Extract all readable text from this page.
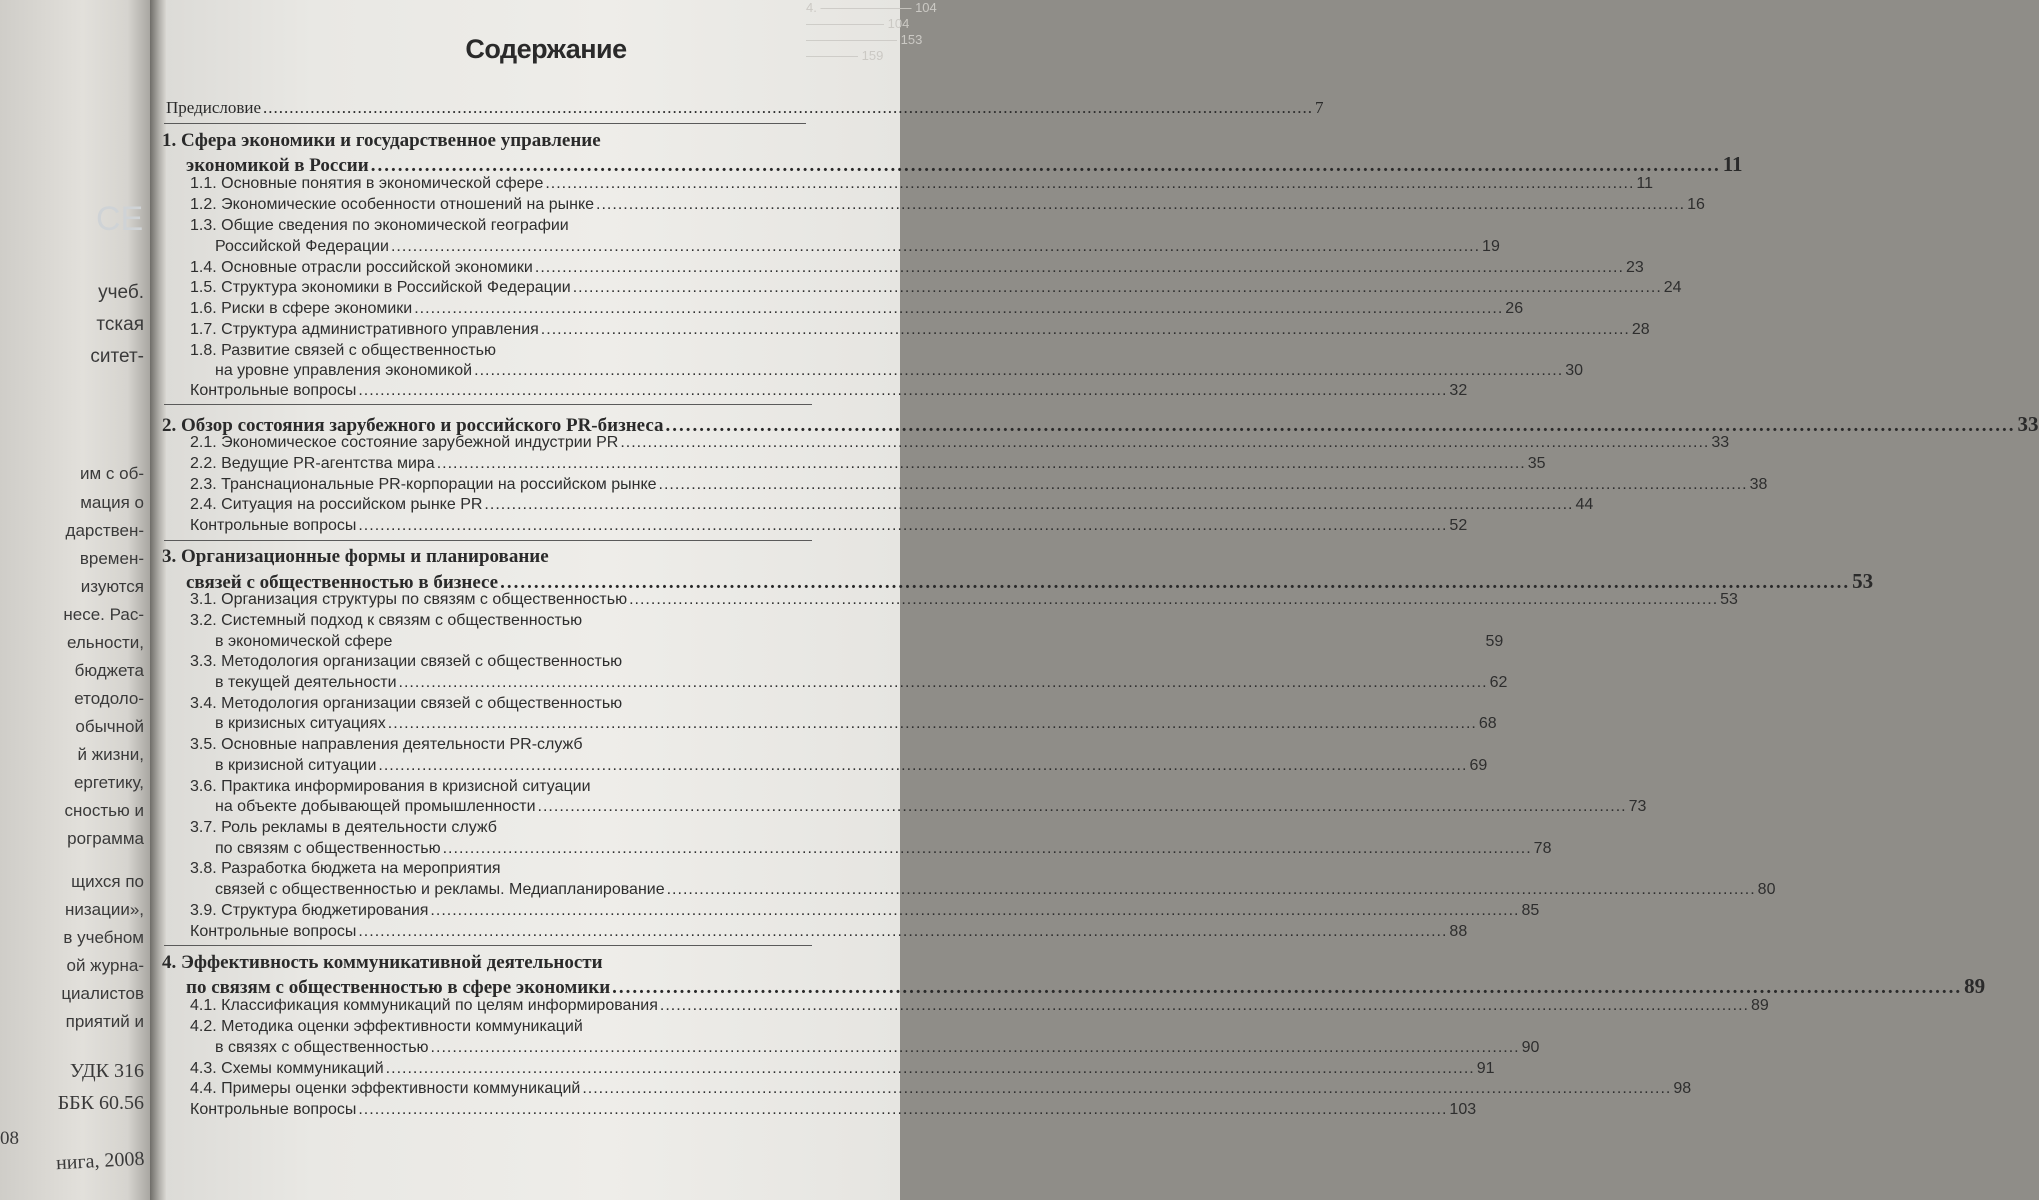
СЕ
учеб.
тская
ситет-
им с об-
мация о
дарствен-
времен-
изуются
несе. Рас-
ельности,
бюджета
етодоло-
обычной
й жизни,
ергетику,
сностью и
рограмма
щихся по
низации»,
в учебном
ой журна-
циалистов
приятий и
УДК 316
ББК 60.56
08
нига, 2008
4. ——————— 104
—————— 104
——————— 153
———— 159
Содержание
Предисловие .....	7
1. Сфера экономики и государственное управление
экономикой в России .....	11
1.1. Основные понятия в экономической сфере .....	11
1.2. Экономические особенности отношений на рынке .....	16
1.3. Общие сведения по экономической географии
Российской Федерации .....	19
1.4. Основные отрасли российской экономики .....	23
1.5. Структура экономики в Российской Федерации .....	24
1.6. Риски в сфере экономики .....	26
1.7. Структура административного управления .....	28
1.8. Развитие связей с общественностью
на уровне управления экономикой .....	30
Контрольные вопросы .....	32
2. Обзор состояния зарубежного и российского PR-бизнеса .....	33
2.1. Экономическое состояние зарубежной индустрии PR .....	33
2.2. Ведущие PR-агентства мира .....	35
2.3. Транснациональные PR-корпорации на российском рынке .....	38
2.4. Ситуация на российском рынке PR .....	44
Контрольные вопросы .....	52
3. Организационные формы и планирование
связей с общественностью в бизнесе .....	53
3.1. Организация структуры по связям с общественностью .....	53
3.2. Системный подход к связям с общественностью
в экономической сфере	59
3.3. Методология организации связей с общественностью
в текущей деятельности .....	62
3.4. Методология организации связей с общественностью
в кризисных ситуациях .....	68
3.5. Основные направления деятельности PR-служб
в кризисной ситуации .....	69
3.6. Практика информирования в кризисной ситуации
на объекте добывающей промышленности .....	73
3.7. Роль рекламы в деятельности служб
по связям с общественностью .....	78
3.8. Разработка бюджета на мероприятия
связей с общественностью и рекламы. Медиапланирование .....	80
3.9. Структура бюджетирования .....	85
Контрольные вопросы .....	88
4. Эффективность коммуникативной деятельности
по связям с общественностью в сфере экономики .....	89
4.1. Классификация коммуникаций по целям информирования .....	89
4.2. Методика оценки эффективности коммуникаций
в связях с общественностью .....	90
4.3. Схемы коммуникаций .....	91
4.4. Примеры оценки эффективности коммуникаций .....	98
Контрольные вопросы .....	103
